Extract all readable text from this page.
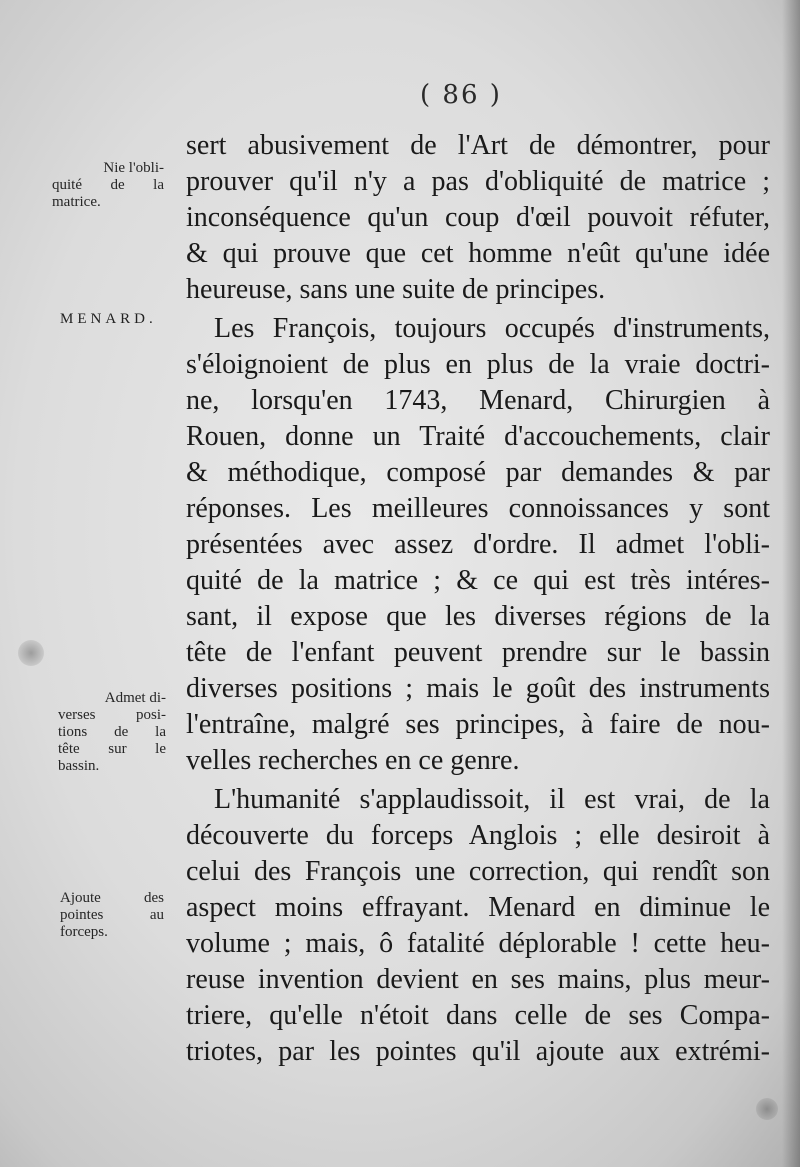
( 86 )
Nie l'obli-
quité de la
matrice.
MENARD.
Admet di-
verses posi-
tions de la
tête sur le
bassin.
Ajoute des
pointes au
forceps.
sert abusivement de l'Art de démontrer, pour
prouver qu'il n'y a pas d'obliquité de matrice ;
inconséquence qu'un coup d'œil pouvoit réfuter,
& qui prouve que cet homme n'eût qu'une idée
heureuse, sans une suite de principes.
Les François, toujours occupés d'instruments,
s'éloignoient de plus en plus de la vraie doctri-
ne, lorsqu'en 1743, Menard, Chirurgien à
Rouen, donne un Traité d'accouchements, clair
& méthodique, composé par demandes & par
réponses. Les meilleures connoissances y sont
présentées avec assez d'ordre. Il admet l'obli-
quité de la matrice ; & ce qui est très intéres-
sant, il expose que les diverses régions de la
tête de l'enfant peuvent prendre sur le bassin
diverses positions ; mais le goût des instruments
l'entraîne, malgré ses principes, à faire de nou-
velles recherches en ce genre.
L'humanité s'applaudissoit, il est vrai, de la
découverte du forceps Anglois ; elle desiroit à
celui des François une correction, qui rendît son
aspect moins effrayant. Menard en diminue le
volume ; mais, ô fatalité déplorable ! cette heu-
reuse invention devient en ses mains, plus meur-
triere, qu'elle n'étoit dans celle de ses Compa-
triotes, par les pointes qu'il ajoute aux extrémi-
